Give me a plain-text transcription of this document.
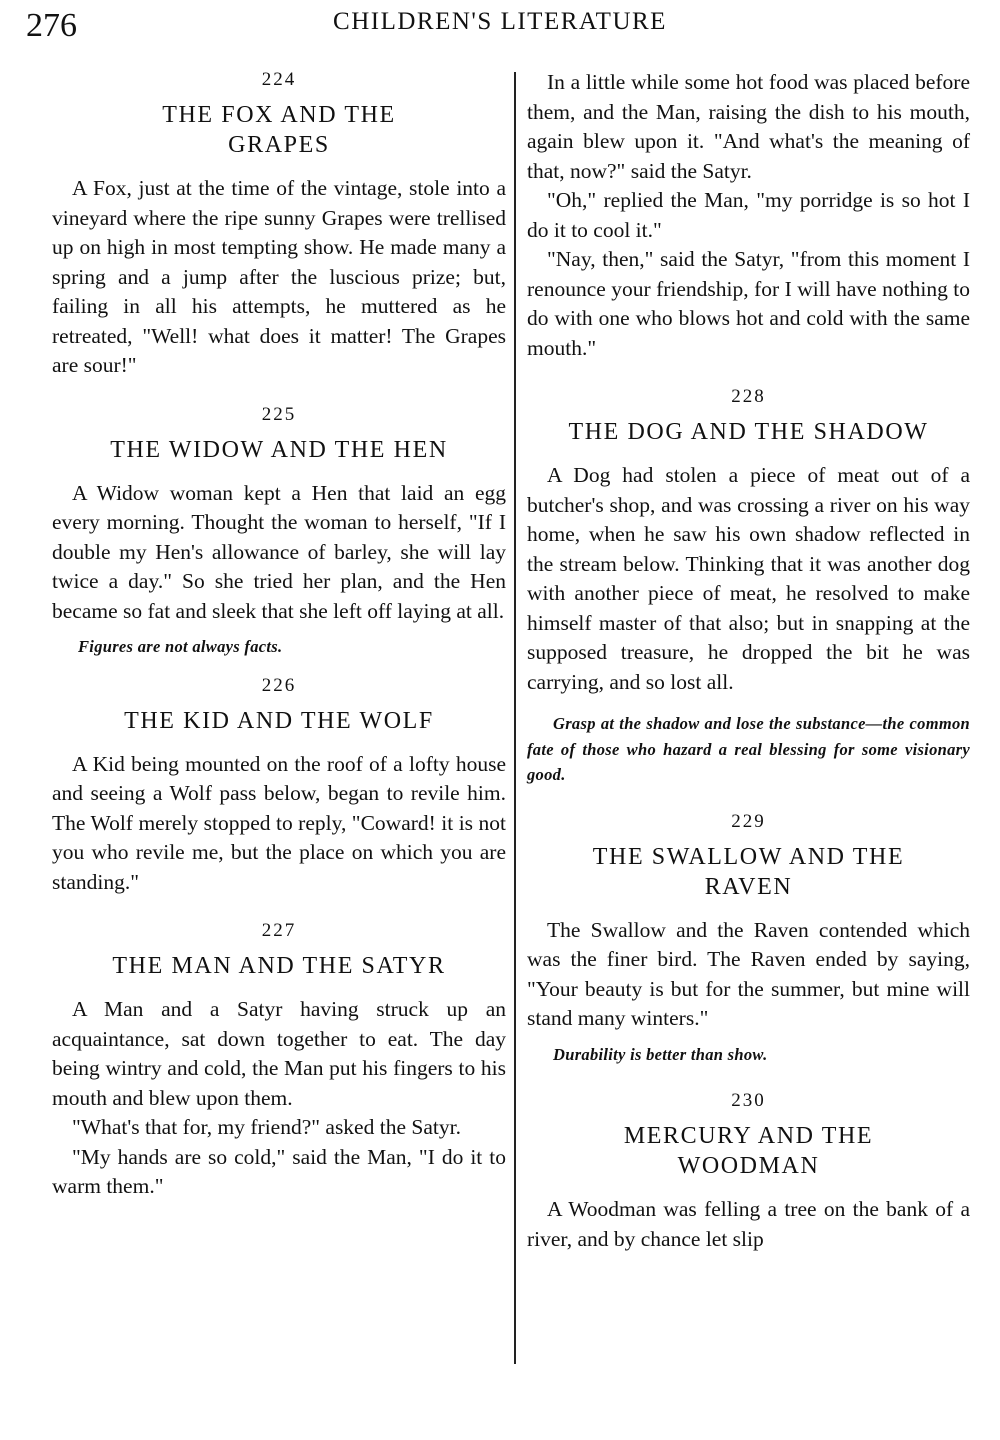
276	CHILDREN'S LITERATURE

224

THE FOX AND THE
GRAPES

A Fox, just at the time of the vintage, stole into a vineyard where the ripe sunny Grapes were trellised up on high in most tempting show. He made many a spring and a jump after the luscious prize; but, failing in all his attempts, he muttered as he retreated, "Well! what does it matter! The Grapes are sour!"

225

THE WIDOW AND THE HEN

A Widow woman kept a Hen that laid an egg every morning. Thought the woman to herself, "If I double my Hen's allowance of barley, she will lay twice a day." So she tried her plan, and the Hen became so fat and sleek that she left off laying at all.

Figures are not always facts.

226

THE KID AND THE WOLF

A Kid being mounted on the roof of a lofty house and seeing a Wolf pass below, began to revile him. The Wolf merely stopped to reply, "Coward! it is not you who revile me, but the place on which you are standing."

227

THE MAN AND THE SATYR

A Man and a Satyr having struck up an acquaintance, sat down together to eat. The day being wintry and cold, the Man put his fingers to his mouth and blew upon them.

"What's that for, my friend?" asked the Satyr.

"My hands are so cold," said the Man, "I do it to warm them."

In a little while some hot food was placed before them, and the Man, raising the dish to his mouth, again blew upon it. "And what's the meaning of that, now?" said the Satyr.

"Oh," replied the Man, "my porridge is so hot I do it to cool it."

"Nay, then," said the Satyr, "from this moment I renounce your friendship, for I will have nothing to do with one who blows hot and cold with the same mouth."

228

THE DOG AND THE SHADOW

A Dog had stolen a piece of meat out of a butcher's shop, and was crossing a river on his way home, when he saw his own shadow reflected in the stream below. Thinking that it was another dog with another piece of meat, he resolved to make himself master of that also; but in snapping at the supposed treasure, he dropped the bit he was carrying, and so lost all.

Grasp at the shadow and lose the substance—the common fate of those who hazard a real blessing for some visionary good.

229

THE SWALLOW AND THE
RAVEN

The Swallow and the Raven contended which was the finer bird. The Raven ended by saying, "Your beauty is but for the summer, but mine will stand many winters."

Durability is better than show.

230

MERCURY AND THE
WOODMAN

A Woodman was felling a tree on the bank of a river, and by chance let slip
